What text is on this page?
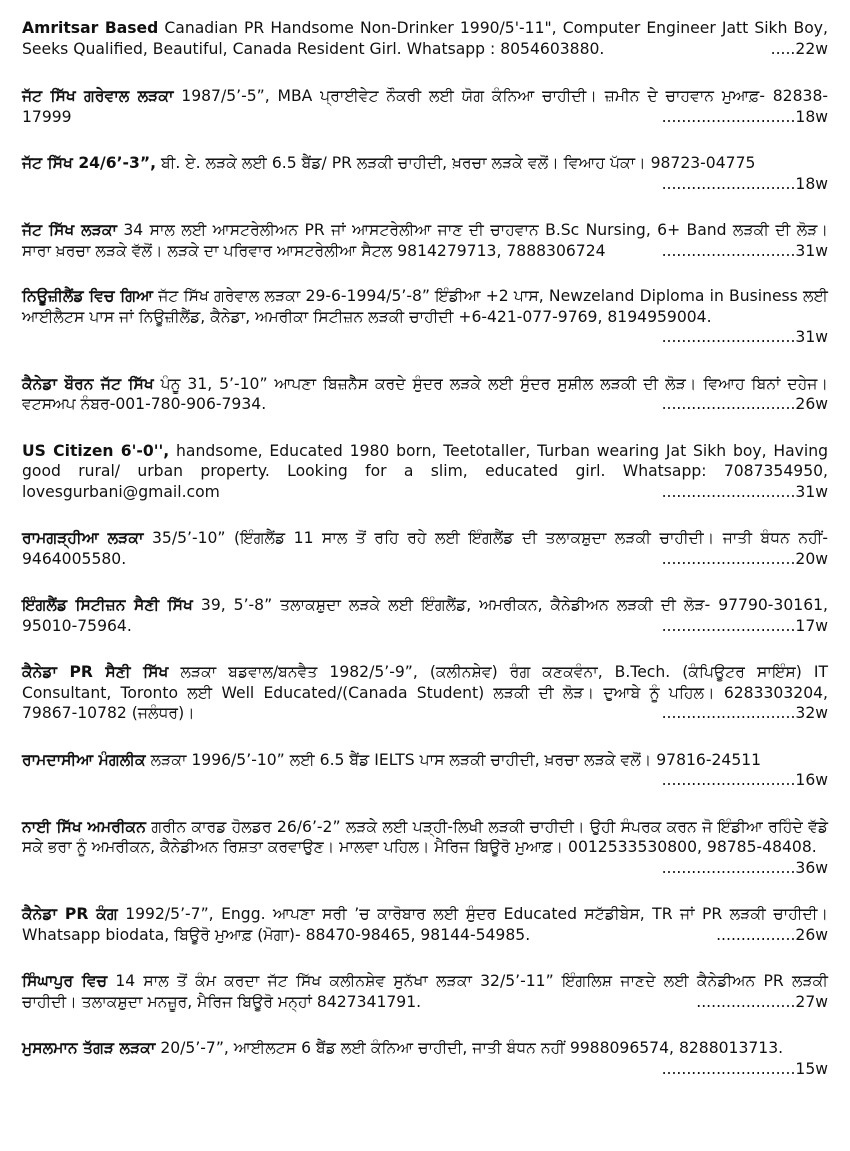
Amritsar Based Canadian PR Handsome Non-Drinker 1990/5'-11", Computer Engineer Jatt Sikh Boy, Seeks Qualified, Beautiful, Canada Resident Girl. Whatsapp : 8054603880.	.....22w

ਜੱਟ ਸਿੱਖ ਗਰੇਵਾਲ ਲੜਕਾ 1987/5’-5”, MBA ਪ੍ਰਾਈਵੇਟ ਨੌਕਰੀ ਲਈ ਯੋਗ ਕੰਨਿਆ ਚਾਹੀਦੀ। ਜ਼ਮੀਨ ਦੇ ਚਾਹਵਾਨ ਮੁਆਫ਼- 82838-17999	...........................18w

ਜੱਟ ਸਿੱਖ 24/6’-3”, ਬੀ. ਏ. ਲੜਕੇ ਲਈ 6.5 ਬੈਂਡ/ PR ਲੜਕੀ ਚਾਹੀਦੀ, ਖ਼ਰਚਾ ਲੜਕੇ ਵਲੋਂ। ਵਿਆਹ ਪੱਕਾ। 98723-04775
...........................18w

ਜੱਟ ਸਿੱਖ ਲੜਕਾ 34 ਸਾਲ ਲਈ ਆਸਟਰੇਲੀਅਨ PR ਜਾਂ ਆਸਟਰੇਲੀਆ ਜਾਣ ਦੀ ਚਾਹਵਾਨ B.Sc Nursing, 6+ Band ਲੜਕੀ ਦੀ ਲੋੜ। ਸਾਰਾ ਖ਼ਰਚਾ ਲੜਕੇ ਵੱਲੋਂ। ਲੜਕੇ ਦਾ ਪਰਿਵਾਰ ਆਸਟਰੇਲੀਆ ਸੈਟਲ 9814279713, 7888306724	...........................31w

ਨਿਊਜ਼ੀਲੈਂਡ ਵਿਚ ਗਿਆ ਜੱਟ ਸਿੱਖ ਗਰੇਵਾਲ ਲੜਕਾ 29-6-1994/5’-8” ਇੰਡੀਆ +2 ਪਾਸ, Newzeland Diploma in Business ਲਈ ਆਈਲੈਟਸ ਪਾਸ ਜਾਂ ਨਿਊਜ਼ੀਲੈਂਡ, ਕੈਨੇਡਾ, ਅਮਰੀਕਾ ਸਿਟੀਜ਼ਨ ਲੜਕੀ ਚਾਹੀਦੀ +6-421-077-9769, 8194959004.
...........................31w

ਕੈਨੇਡਾ ਬੌਰਨ ਜੱਟ ਸਿੱਖ ਪੰਨੂ 31, 5’-10” ਆਪਣਾ ਬਿਜ਼ਨੈੱਸ ਕਰਦੇ ਸੁੰਦਰ ਲੜਕੇ ਲਈ ਸੁੰਦਰ ਸੁਸ਼ੀਲ ਲੜਕੀ ਦੀ ਲੋੜ। ਵਿਆਹ ਬਿਨਾਂ ਦਹੇਜ। ਵਟਸਅਪ ਨੰਬਰ-001-780-906-7934.	...........................26w

US Citizen 6'-0'', handsome, Educated 1980 born, Teetotaller, Turban wearing Jat Sikh boy, Having good rural/ urban property. Looking for a slim, educated girl. Whatsapp: 7087354950, lovesgurbani@gmail.com	...........................31w

ਰਾਮਗੜ੍ਹੀਆ ਲੜਕਾ 35/5’-10” (ਇੰਗਲੈਂਡ 11 ਸਾਲ ਤੋਂ ਰਹਿ ਰਹੇ ਲਈ ਇੰਗਲੈਂਡ ਦੀ ਤਲਾਕਸ਼ੁਦਾ ਲੜਕੀ ਚਾਹੀਦੀ। ਜਾਤੀ ਬੰਧਨ ਨਹੀਂ- 9464005580.	...........................20w

ਇੰਗਲੈਂਡ ਸਿਟੀਜ਼ਨ ਸੈਣੀ ਸਿੱਖ 39, 5’-8” ਤਲਾਕਸ਼ੁਦਾ ਲੜਕੇ ਲਈ ਇੰਗਲੈਂਡ, ਅਮਰੀਕਨ, ਕੈਨੇਡੀਅਨ ਲੜਕੀ ਦੀ ਲੋੜ- 97790-30161, 95010-75964.	...........................17w

ਕੈਨੇਡਾ PR ਸੈਣੀ ਸਿੱਖ ਲੜਕਾ ਬਡਵਾਲ/ਬਨਵੈਤ 1982/5’-9”, (ਕਲੀਨਸ਼ੇਵ) ਰੰਗ ਕਣਕਵੰਨਾ, B.Tech. (ਕੰਪਿਊਟਰ ਸਾਇੰਸ) IT Consultant, Toronto ਲਈ Well Educated/(Canada Student) ਲੜਕੀ ਦੀ ਲੋੜ। ਦੁਆਬੇ ਨੂੰ ਪਹਿਲ। 6283303204, 79867-10782 (ਜਲੰਧਰ)।	...........................32w

ਰਾਮਦਾਸੀਆ ਮੰਗਲੀਕ ਲੜਕਾ 1996/5’-10” ਲਈ 6.5 ਬੈਂਡ IELTS ਪਾਸ ਲੜਕੀ ਚਾਹੀਦੀ, ਖ਼ਰਚਾ ਲੜਕੇ ਵਲੋਂ। 97816-24511
...........................16w

ਨਾਈ ਸਿੱਖ ਅਮਰੀਕਨ ਗਰੀਨ ਕਾਰਡ ਹੋਲਡਰ 26/6’-2” ਲੜਕੇ ਲਈ ਪੜ੍ਹੀ-ਲਿਖੀ ਲੜਕੀ ਚਾਹੀਦੀ। ਉਹੀ ਸੰਪਰਕ ਕਰਨ ਜੋ ਇੰਡੀਆ ਰਹਿੰਦੇ ਵੱਡੇ ਸਕੇ ਭਰਾ ਨੂੰ ਅਮਰੀਕਨ, ਕੈਨੇਡੀਅਨ ਰਿਸ਼ਤਾ ਕਰਵਾਉਣ। ਮਾਲਵਾ ਪਹਿਲ। ਮੈਰਿਜ ਬਿਊਰੋ ਮੁਆਫ਼। 0012533530800, 98785-48408.
...........................36w

ਕੈਨੇਡਾ PR ਕੰਗ 1992/5’-7”, Engg. ਆਪਣਾ ਸਰੀ ’ਚ ਕਾਰੋਬਾਰ ਲਈ ਸੁੰਦਰ Educated ਸਟੱਡੀਬੇਸ, TR ਜਾਂ PR ਲੜਕੀ ਚਾਹੀਦੀ। Whatsapp biodata, ਬਿਊਰੋ ਮੁਆਫ਼ (ਮੋਗਾ)- 88470-98465, 98144-54985.	................26w

ਸਿੰਘਾਪੁਰ ਵਿਚ 14 ਸਾਲ ਤੋਂ ਕੰਮ ਕਰਦਾ ਜੱਟ ਸਿੱਖ ਕਲੀਨਸ਼ੇਵ ਸੁਨੱਖਾ ਲੜਕਾ 32/5’-11” ਇੰਗਲਿਸ਼ ਜਾਣਦੇ ਲਈ ਕੈਨੇਡੀਅਨ PR ਲੜਕੀ ਚਾਹੀਦੀ। ਤਲਾਕਸ਼ੁਦਾ ਮਨਜ਼ੂਰ, ਮੈਰਿਜ ਬਿਊਰੋ ਮਨ੍ਹਾਂ 8427341791.	....................27w

ਮੁਸਲਮਾਨ ਤੱਗੜ ਲੜਕਾ 20/5’-7”, ਆਈਲਟਸ 6 ਬੈਂਡ ਲਈ ਕੰਨਿਆ ਚਾਹੀਦੀ, ਜਾਤੀ ਬੰਧਨ ਨਹੀਂ 9988096574, 8288013713.
...........................15w
